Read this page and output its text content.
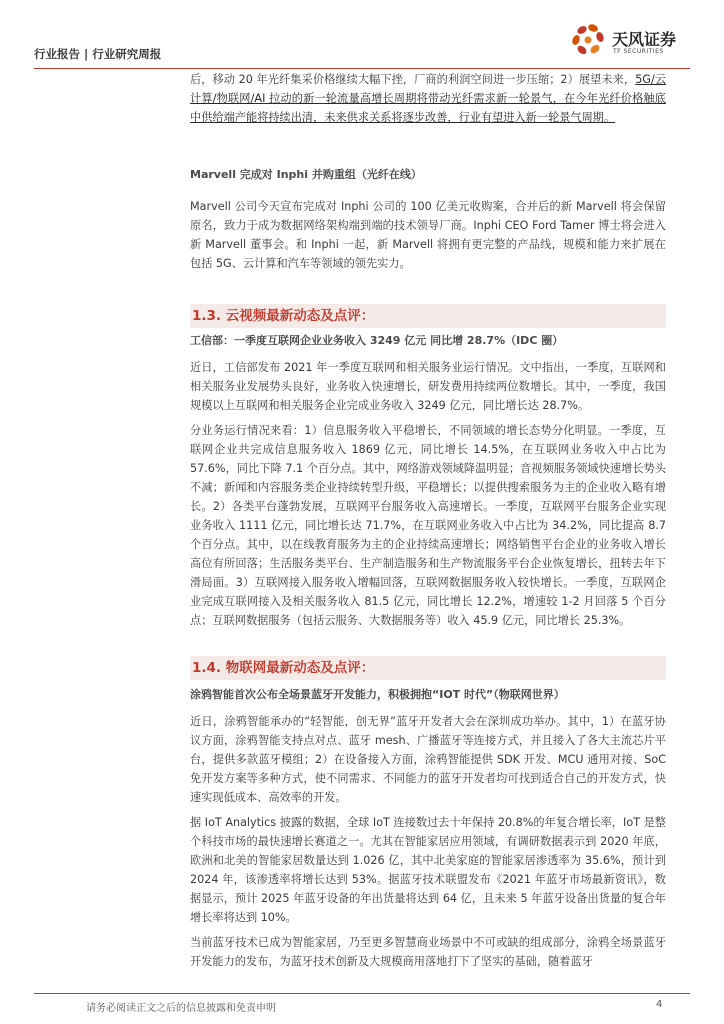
行业报告 | 行业研究周报
天风证券
TF SECURITIES

后，移动 20 年光纤集采价格继续大幅下挫，厂商的利润空间进一步压缩；2）展望未来，5G/云计算/物联网/AI 拉动的新一轮流量高增长周期将带动光纤需求新一轮景气，在今年光纤价格触底中供给端产能将持续出清，未来供求关系将逐步改善，行业有望进入新一轮景气周期。

Marvell 完成对 Inphi 并购重组（光纤在线）

Marvell 公司今天宣布完成对 Inphi 公司的 100 亿美元收购案，合并后的新 Marvell 将会保留原名，致力于成为数据网络架构端到端的技术领导厂商。Inphi CEO Ford Tamer 博士将会进入新 Marvell 董事会。和 Inphi 一起，新 Marvell 将拥有更完整的产品线，规模和能力来扩展在包括 5G、云计算和汽车等领域的领先实力。

1.3. 云视频最新动态及点评：

工信部：一季度互联网企业业务收入 3249 亿元 同比增 28.7%（IDC 圈）

近日，工信部发布 2021 年一季度互联网和相关服务业运行情况。文中指出，一季度，互联网和相关服务业发展势头良好，业务收入快速增长，研发费用持续两位数增长。其中，一季度，我国规模以上互联网和相关服务企业完成业务收入 3249 亿元，同比增长达 28.7%。

分业务运行情况来看：1）信息服务收入平稳增长，不同领域的增长态势分化明显。一季度，互联网企业共完成信息服务收入 1869 亿元，同比增长 14.5%，在互联网业务收入中占比为 57.6%，同比下降 7.1 个百分点。其中，网络游戏领域降温明显；音视频服务领域快速增长势头不减；新闻和内容服务类企业持续转型升级，平稳增长；以提供搜索服务为主的企业收入略有增长。2）各类平台蓬勃发展，互联网平台服务收入高速增长。一季度，互联网平台服务企业实现业务收入 1111 亿元，同比增长达 71.7%，在互联网业务收入中占比为 34.2%，同比提高 8.7 个百分点。其中，以在线教育服务为主的企业持续高速增长；网络销售平台企业的业务收入增长高位有所回落；生活服务类平台、生产制造服务和生产物流服务平台企业恢复增长，扭转去年下滑局面。3）互联网接入服务收入增幅回落，互联网数据服务收入较快增长。一季度，互联网企业完成互联网接入及相关服务收入 81.5 亿元，同比增长 12.2%，增速较 1-2 月回落 5 个百分点；互联网数据服务（包括云服务、大数据服务等）收入 45.9 亿元，同比增长 25.3%。

1.4. 物联网最新动态及点评：

涂鸦智能首次公布全场景蓝牙开发能力，积极拥抱“IOT 时代”（物联网世界）

近日，涂鸦智能承办的“轻智能，创无界”蓝牙开发者大会在深圳成功举办。其中，1）在蓝牙协议方面，涂鸦智能支持点对点、蓝牙 mesh、广播蓝牙等连接方式，并且接入了各大主流芯片平台，提供多款蓝牙模组；2）在设备接入方面，涂鸦智能提供 SDK 开发、MCU 通用对接、SoC 免开发方案等多种方式，使不同需求、不同能力的蓝牙开发者均可找到适合自己的开发方式，快速实现低成本、高效率的开发。

据 IoT Analytics 披露的数据，全球 IoT 连接数过去十年保持 20.8%的年复合增长率，IoT 是整个科技市场的最快速增长赛道之一。尤其在智能家居应用领域，有调研数据表示到 2020 年底，欧洲和北美的智能家居数量达到 1.026 亿，其中北美家庭的智能家居渗透率为 35.6%，预计到 2024 年，该渗透率将增长达到 53%。据蓝牙技术联盟发布《2021 年蓝牙市场最新资讯》，数据显示，预计 2025 年蓝牙设备的年出货量将达到 64 亿，且未来 5 年蓝牙设备出货量的复合年增长率将达到 10%。

当前蓝牙技术已成为智能家居，乃至更多智慧商业场景中不可或缺的组成部分，涂鸦全场景蓝牙开发能力的发布，为蓝牙技术创新及大规模商用落地打下了坚实的基础，随着蓝牙

请务必阅读正文之后的信息披露和免责申明	4
